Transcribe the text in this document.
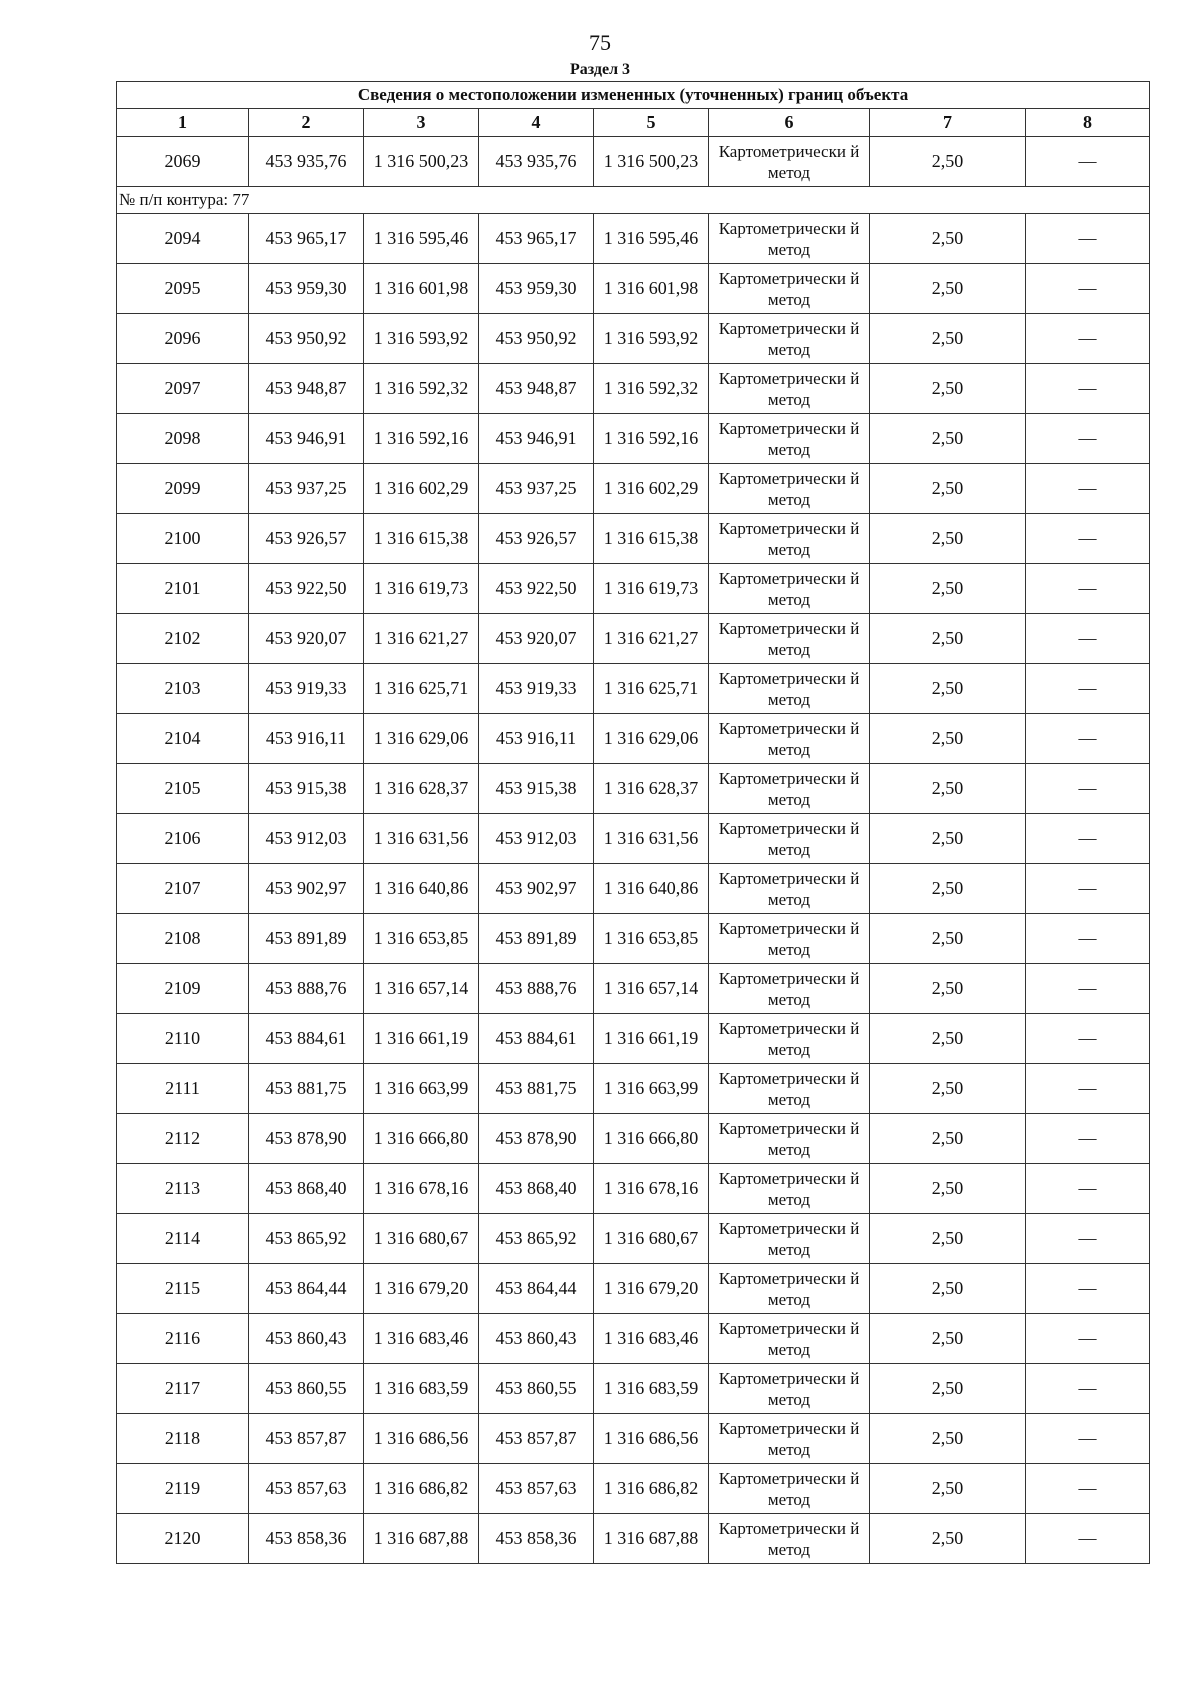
75
Раздел 3
Сведения о местоположении измененных (уточненных) границ объекта							
1	2	3	4	5	6	7	8
2069	453 935,76	1 316 500,23	453 935,76	1 316 500,23	Картометрически й метод	2,50	—
№ п/п контура: 77							
2094	453 965,17	1 316 595,46	453 965,17	1 316 595,46	Картометрически й метод	2,50	—
2095	453 959,30	1 316 601,98	453 959,30	1 316 601,98	Картометрически й метод	2,50	—
2096	453 950,92	1 316 593,92	453 950,92	1 316 593,92	Картометрически й метод	2,50	—
2097	453 948,87	1 316 592,32	453 948,87	1 316 592,32	Картометрически й метод	2,50	—
2098	453 946,91	1 316 592,16	453 946,91	1 316 592,16	Картометрически й метод	2,50	—
2099	453 937,25	1 316 602,29	453 937,25	1 316 602,29	Картометрически й метод	2,50	—
2100	453 926,57	1 316 615,38	453 926,57	1 316 615,38	Картометрически й метод	2,50	—
2101	453 922,50	1 316 619,73	453 922,50	1 316 619,73	Картометрически й метод	2,50	—
2102	453 920,07	1 316 621,27	453 920,07	1 316 621,27	Картометрически й метод	2,50	—
2103	453 919,33	1 316 625,71	453 919,33	1 316 625,71	Картометрически й метод	2,50	—
2104	453 916,11	1 316 629,06	453 916,11	1 316 629,06	Картометрически й метод	2,50	—
2105	453 915,38	1 316 628,37	453 915,38	1 316 628,37	Картометрически й метод	2,50	—
2106	453 912,03	1 316 631,56	453 912,03	1 316 631,56	Картометрически й метод	2,50	—
2107	453 902,97	1 316 640,86	453 902,97	1 316 640,86	Картометрически й метод	2,50	—
2108	453 891,89	1 316 653,85	453 891,89	1 316 653,85	Картометрически й метод	2,50	—
2109	453 888,76	1 316 657,14	453 888,76	1 316 657,14	Картометрически й метод	2,50	—
2110	453 884,61	1 316 661,19	453 884,61	1 316 661,19	Картометрически й метод	2,50	—
2111	453 881,75	1 316 663,99	453 881,75	1 316 663,99	Картометрически й метод	2,50	—
2112	453 878,90	1 316 666,80	453 878,90	1 316 666,80	Картометрически й метод	2,50	—
2113	453 868,40	1 316 678,16	453 868,40	1 316 678,16	Картометрически й метод	2,50	—
2114	453 865,92	1 316 680,67	453 865,92	1 316 680,67	Картометрически й метод	2,50	—
2115	453 864,44	1 316 679,20	453 864,44	1 316 679,20	Картометрически й метод	2,50	—
2116	453 860,43	1 316 683,46	453 860,43	1 316 683,46	Картометрически й метод	2,50	—
2117	453 860,55	1 316 683,59	453 860,55	1 316 683,59	Картометрически й метод	2,50	—
2118	453 857,87	1 316 686,56	453 857,87	1 316 686,56	Картометрически й метод	2,50	—
2119	453 857,63	1 316 686,82	453 857,63	1 316 686,82	Картометрически й метод	2,50	—
2120	453 858,36	1 316 687,88	453 858,36	1 316 687,88	Картометрически й метод	2,50	—
